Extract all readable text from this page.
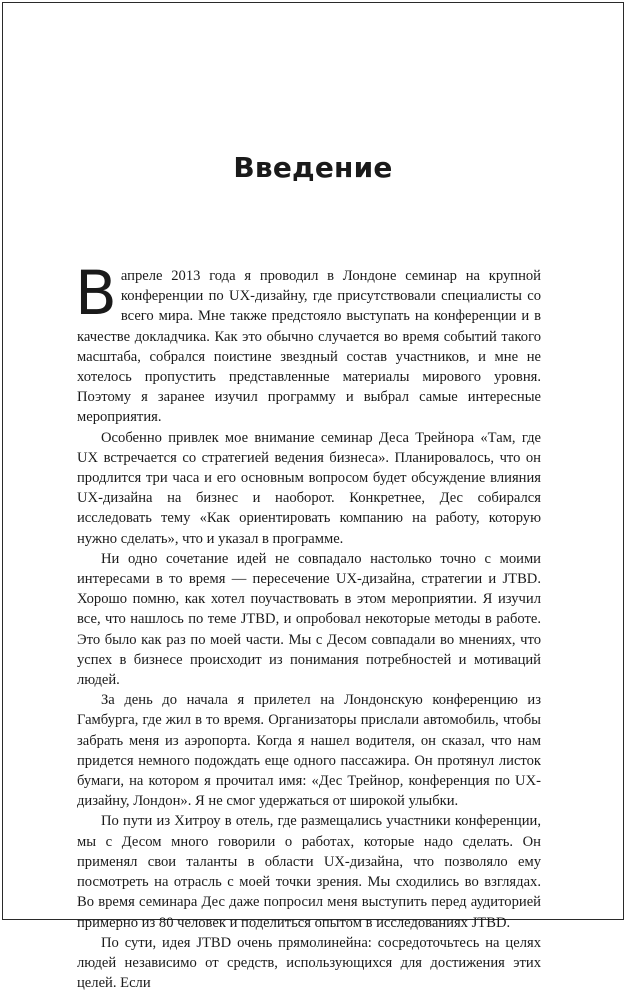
Введение

Вапреле 2013 года я проводил в Лондоне семинар на крупной конференции по UX-дизайну, где присутствовали специалисты со всего мира. Мне также предстояло выступать на конференции и в качестве докладчика. Как это обычно случается во время событий такого масштаба, собрался поистине звездный состав участников, и мне не хотелось пропустить представленные материалы мирового уровня. Поэтому я заранее изучил программу и выбрал самые интересные мероприятия.

Особенно привлек мое внимание семинар Деса Трейнора «Там, где UX встречается со стратегией ведения бизнеса». Планировалось, что он продлится три часа и его основным вопросом будет обсуждение влияния UX-дизайна на бизнес и наоборот. Конкретнее, Дес собирался исследовать тему «Как ориентировать компанию на работу, которую нужно сделать», что и указал в программе.

Ни одно сочетание идей не совпадало настолько точно с моими интересами в то время — пересечение UX-дизайна, стратегии и JTBD. Хорошо помню, как хотел поучаствовать в этом мероприятии. Я изучил все, что нашлось по теме JTBD, и опробовал некоторые методы в работе. Это было как раз по моей части. Мы с Десом совпадали во мнениях, что успех в бизнесе происходит из понимания потребностей и мотиваций людей.

За день до начала я прилетел на Лондонскую конференцию из Гамбурга, где жил в то время. Организаторы прислали автомобиль, чтобы забрать меня из аэропорта. Когда я нашел водителя, он сказал, что нам придется немного подождать еще одного пассажира. Он протянул листок бумаги, на котором я прочитал имя: «Дес Трейнор, конференция по UX-дизайну, Лондон». Я не смог удержаться от широкой улыбки.

По пути из Хитроу в отель, где размещались участники конференции, мы с Десом много говорили о работах, которые надо сделать. Он применял свои таланты в области UX-дизайна, что позволяло ему посмотреть на отрасль с моей точки зрения. Мы сходились во взглядах. Во время семинара Дес даже попросил меня выступить перед аудиторией примерно из 80 человек и поделиться опытом в исследованиях JTBD.

По сути, идея JTBD очень прямолинейна: сосредоточьтесь на целях людей независимо от средств, использующихся для достижения этих целей. Если
